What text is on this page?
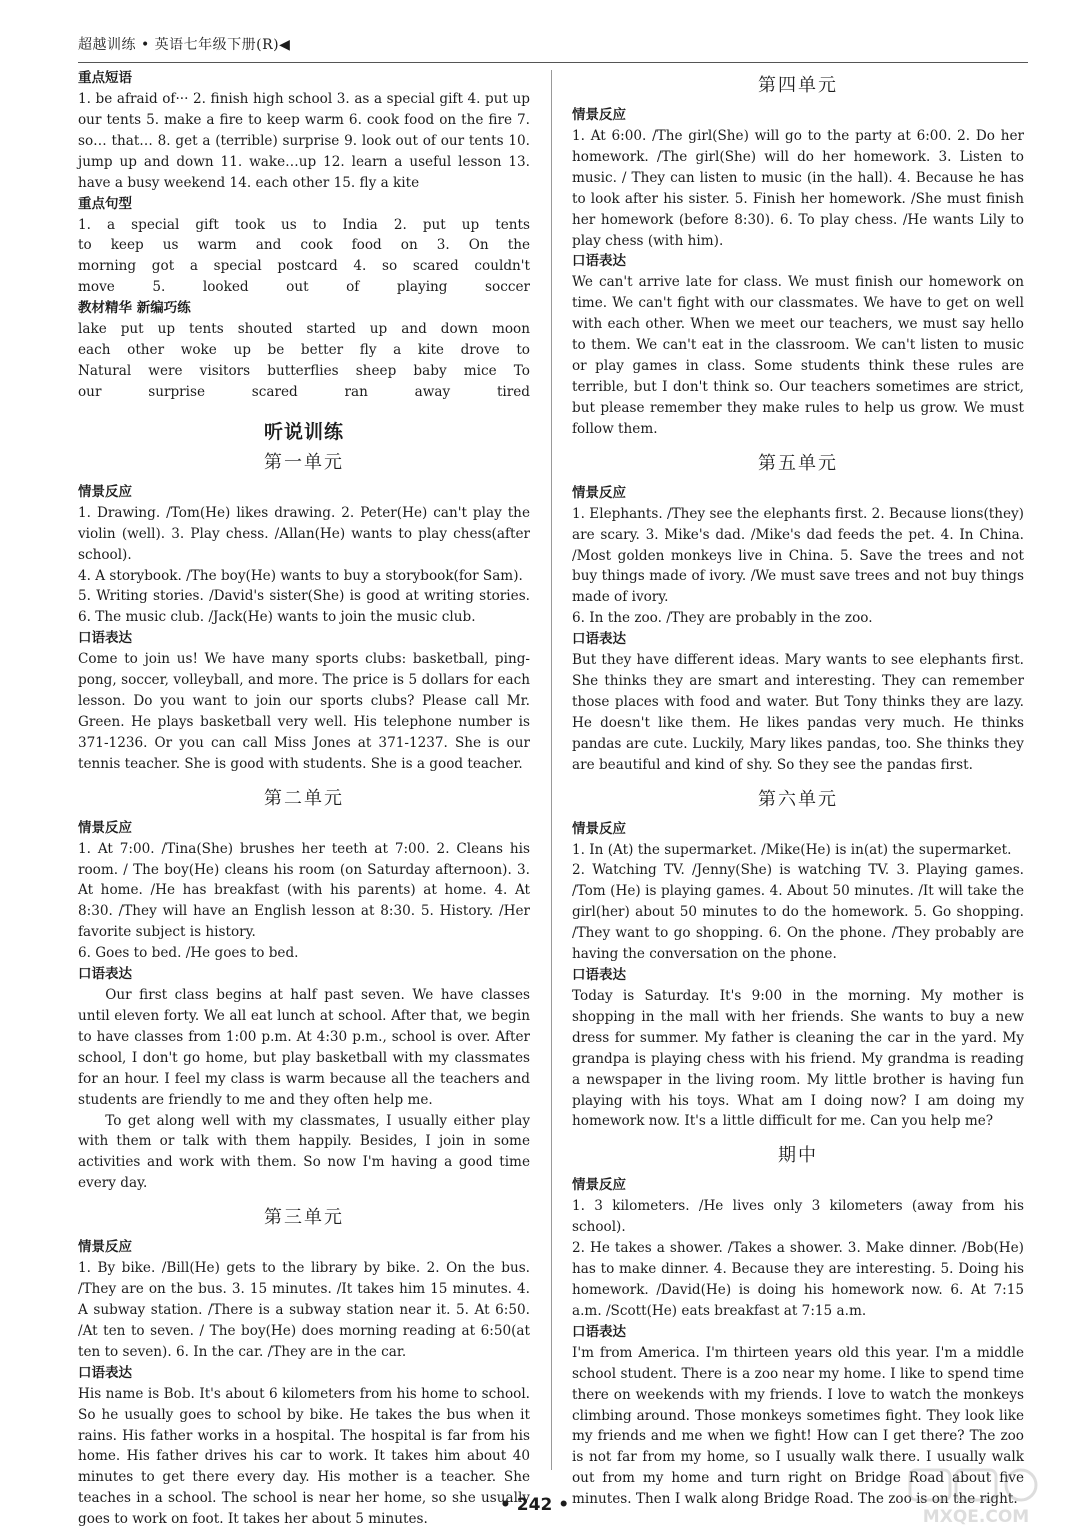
超越训练 • 英语七年级下册(R)◀
重点短语

1. be afraid of··· 2. finish high school 3. as a special gift 4. put up our tents 5. make a fire to keep warm 6. cook food on the fire 7. so… that… 8. get a (terrible) surprise 9. look out of our tents 10. jump up and down 11. wake…up 12. learn a useful lesson 13. have a busy weekend 14. each other 15. fly a kite

重点句型

1. a special gift took us to India 2. put up tents to keep us warm and cook food on 3. On the morning got a special postcard 4. so scared couldn't move 5. looked out of playing soccer

教材精华 新编巧练

lake put up tents shouted started up and down moon each other woke up be better fly a kite drove to Natural were visitors butterflies sheep baby mice To our surprise scared ran away tired

听说训练
第一单元
情景反应

1. Drawing. /Tom(He) likes drawing. 2. Peter(He) can't play the violin (well). 3. Play chess. /Allan(He) wants to play chess(after school).

4. A storybook. /The boy(He) wants to buy a storybook(for Sam).

5. Writing stories. /David's sister(She) is good at writing stories. 6. The music club. /Jack(He) wants to join the music club.

口语表达

Come to join us! We have many sports clubs: basketball, ping-pong, soccer, volleyball, and more. The price is 5 dollars for each lesson. Do you want to join our sports clubs? Please call Mr. Green. He plays basketball very well. His telephone number is 371-1236. Or you can call Miss Jones at 371-1237. She is our tennis teacher. She is good with students. She is a good teacher.

第二单元
情景反应

1. At 7:00. /Tina(She) brushes her teeth at 7:00. 2. Cleans his room. / The boy(He) cleans his room (on Saturday afternoon). 3. At home. /He has breakfast (with his parents) at home. 4. At 8:30. /They will have an English lesson at 8:30. 5. History. /Her favorite subject is history.

6. Goes to bed. /He goes to bed.

口语表达

Our first class begins at half past seven. We have classes until eleven forty. We all eat lunch at school. After that, we begin to have classes from 1:00 p.m. At 4:30 p.m., school is over. After school, I don't go home, but play basketball with my classmates for an hour. I feel my class is warm because all the teachers and students are friendly to me and they often help me.

To get along well with my classmates, I usually either play with them or talk with them happily. Besides, I join in some activities and work with them. So now I'm having a good time every day.

第三单元
情景反应

1. By bike. /Bill(He) gets to the library by bike. 2. On the bus. /They are on the bus. 3. 15 minutes. /It takes him 15 minutes. 4. A subway station. /There is a subway station near it. 5. At 6:50. /At ten to seven. / The boy(He) does morning reading at 6:50(at ten to seven). 6. In the car. /They are in the car.

口语表达

His name is Bob. It's about 6 kilometers from his home to school. So he usually goes to school by bike. He takes the bus when it rains. His father works in a hospital. The hospital is far from his home. His father drives his car to work. It takes him about 40 minutes to get there every day. His mother is a teacher. She teaches in a school. The school is near her home, so she usually goes to work on foot. It takes her about 5 minutes.

第四单元
情景反应

1. At 6:00. /The girl(She) will go to the party at 6:00. 2. Do her homework. /The girl(She) will do her homework. 3. Listen to music. / They can listen to music (in the hall). 4. Because he has to look after his sister. 5. Finish her homework. /She must finish her homework (before 8:30). 6. To play chess. /He wants Lily to play chess (with him).

口语表达

We can't arrive late for class. We must finish our homework on time. We can't fight with our classmates. We have to get on well with each other. When we meet our teachers, we must say hello to them. We can't eat in the classroom. We can't listen to music or play games in class. Some students think these rules are terrible, but I don't think so. Our teachers sometimes are strict, but please remember they make rules to help us grow. We must follow them.

第五单元
情景反应

1. Elephants. /They see the elephants first. 2. Because lions(they) are scary. 3. Mike's dad. /Mike's dad feeds the pet. 4. In China. /Most golden monkeys live in China. 5. Save the trees and not buy things made of ivory. /We must save trees and not buy things made of ivory.

6. In the zoo. /They are probably in the zoo.

口语表达

But they have different ideas. Mary wants to see elephants first. She thinks they are smart and interesting. They can remember those places with food and water. But Tony thinks they are lazy. He doesn't like them. He likes pandas very much. He thinks pandas are cute. Luckily, Mary likes pandas, too. She thinks they are beautiful and kind of shy. So they see the pandas first.

第六单元
情景反应

1. In (At) the supermarket. /Mike(He) is in(at) the supermarket.

2. Watching TV. /Jenny(She) is watching TV. 3. Playing games. /Tom (He) is playing games. 4. About 50 minutes. /It will take the girl(her) about 50 minutes to do the homework. 5. Go shopping. /They want to go shopping. 6. On the phone. /They probably are having the conversation on the phone.

口语表达

Today is Saturday. It's 9:00 in the morning. My mother is shopping in the mall with her friends. She wants to buy a new dress for summer. My father is cleaning the car in the yard. My grandpa is playing chess with his friend. My grandma is reading a newspaper in the living room. My little brother is having fun playing with his toys. What am I doing now? I am doing my homework now. It's a little difficult for me. Can you help me?

期中
情景反应

1. 3 kilometers. /He lives only 3 kilometers (away from his school).

2. He takes a shower. /Takes a shower. 3. Make dinner. /Bob(He) has to make dinner. 4. Because they are interesting. 5. Doing his homework. /David(He) is doing his homework now. 6. At 7:15 a.m. /Scott(He) eats breakfast at 7:15 a.m.

口语表达

I'm from America. I'm thirteen years old this year. I'm a middle school student. There is a zoo near my home. I like to spend time there on weekends with my friends. I love to watch the monkeys climbing around. Those monkeys sometimes fight. They look like my friends and me when we fight! How can I get there? The zoo is not far from my home, so I usually walk there. I usually walk out from my home and turn right on Bridge Road about five minutes. Then I walk along Bridge Road. The zoo is on the right.

• 242 •
MXQE.COM
